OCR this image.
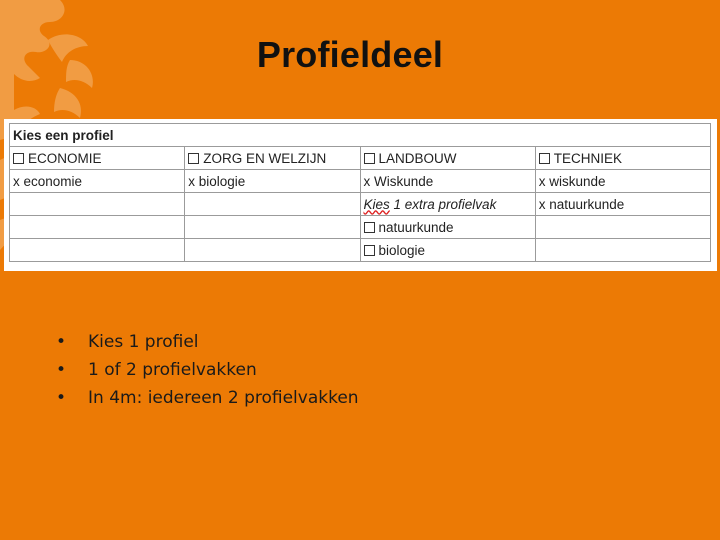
Profieldeel
Kies een profiel			
ECONOMIE	ZORG EN WELZIJN	LANDBOUW	TECHNIEK
x economie	x biologie	x Wiskunde	x wiskunde
		Kies 1 extra profielvak	x natuurkunde
		natuurkunde	
		biologie	
• Kies 1 profiel
• 1 of 2 profielvakken
• In 4m: iedereen 2 profielvakken
